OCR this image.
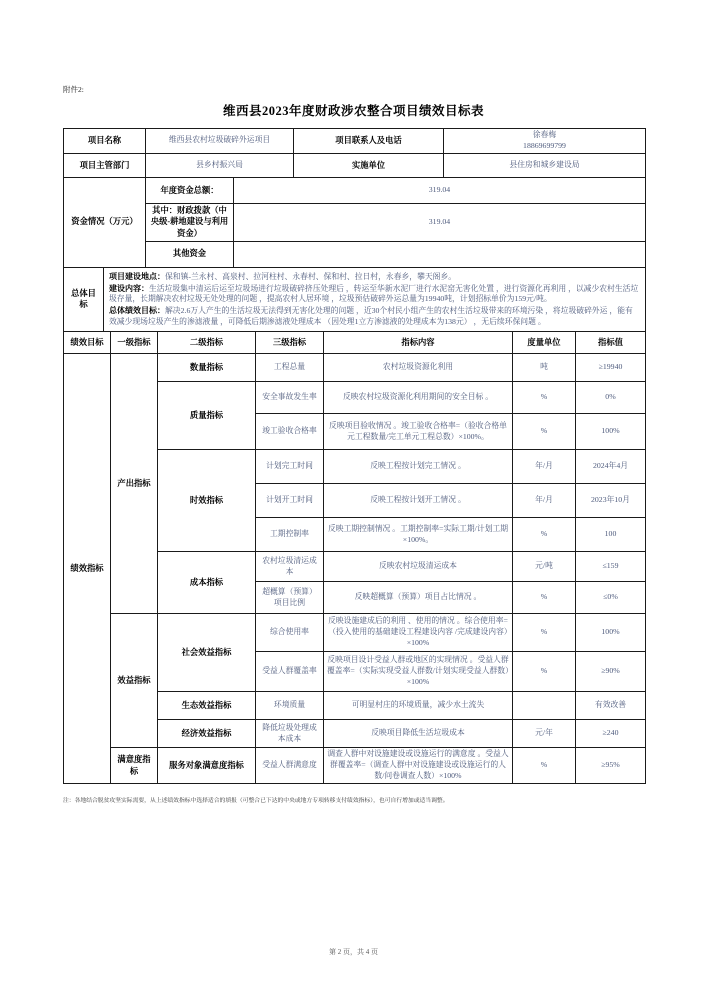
附件2:
维西县2023年度财政涉农整合项目绩效目标表
项目名称	维西县农村垃圾破碎外运项目	项目联系人及电话	徐春梅
18869699799

项目主管部门	县乡村振兴局	实施单位	县住房和城乡建设局
资金情况（万元）	年度资金总额：	319.04
	其中：财政拨款（中央级-耕地建设与利用资金）	319.04
	其他资金	
总体目标	
项目建设地点：保和镇-兰永村、高泉村、拉河柱村、永春村、保和村、拉日村，永春乡，攀天阁乡。
建设内容：生活垃圾集中清运后运至垃圾场进行垃圾破碎挤压处理后 ，转运至华新水泥厂进行水泥窑无害化处置 ，进行资源化再利用 ，以减少农村生活垃圾存量，长期解决农村垃圾无处处理的问题 ，提高农村人居环境 ，垃圾预估破碎外运总量为19940吨，计划招标单价为159元/吨。
总体绩效目标：解决2.6万人产生的生活垃圾无法得到无害化处理的问题 ，近30个村民小组产生的农村生活垃圾带来的环境污染 ，将垃圾破碎外运 ，能有效减少现场垃圾产生的渗滤液量 ，可降低后期渗滤液处理成本 （因处理1立方渗滤液的处理成本为138元） ，无后续环保问题 。
绩效目标	一级指标	二级指标	三级指标	指标内容	度量单位	指标值
绩效指标	产出指标	数量指标	工程总量	农村垃圾资源化利用	吨	≥19940
		质量指标	安全事故发生率	反映农村垃圾资源化利用期间的安全目标 。	%	0%
			竣工验收合格率	反映项目验收情况 。竣工验收合格率=（验收合格单元工程数量/完工单元工程总数）×100%。	%	100%
		时效指标	计划完工时间	反映工程按计划完工情况 。	年/月	2024年4月
			计划开工时间	反映工程按计划开工情况 。	年/月	2023年10月
			工期控制率	反映工期控制情况 。工期控制率=实际工期/计划工期×100%。	%	100
		成本指标	农村垃圾清运成本	反映农村垃圾清运成本	元/吨	≤159
			超概算（预算）项目比例	反映超概算（预算）项目占比情况 。	%	≤0%
	效益指标	社会效益指标	综合使用率	反映设施建成后的利用 、使用的情况 。综合使用率=（投入使用的基础建设工程建设内容 /完成建设内容）×100%	%	100%
			受益人群覆盖率	反映项目设计受益人群或地区的实现情况 。受益人群覆盖率=（实际实现受益人群数/计划实现受益人群数）×100%	%	≥90%
		生态效益指标	环境质量	可明显村庄的环境质量，减少水土流失		有效改善
		经济效益指标	降低垃圾处理成本成本	反映项目降低生活垃圾成本	元/年	≥240
	满意度指标	服务对象满意度指标	受益人群满意度	调查人群中对设施建设或设施运行的满意度 。受益人群覆盖率=（调查人群中对设施建设或设施运行的人数/问卷调查人数）×100%	%	≥95%
注：各地结合脱贫攻坚实际需要，从上述绩效指标中选择适合的填报（可整合已下达的中央或地方专项转移支付绩效指标），也可自行增加或适当调整。
第 2 页，共 4 页
